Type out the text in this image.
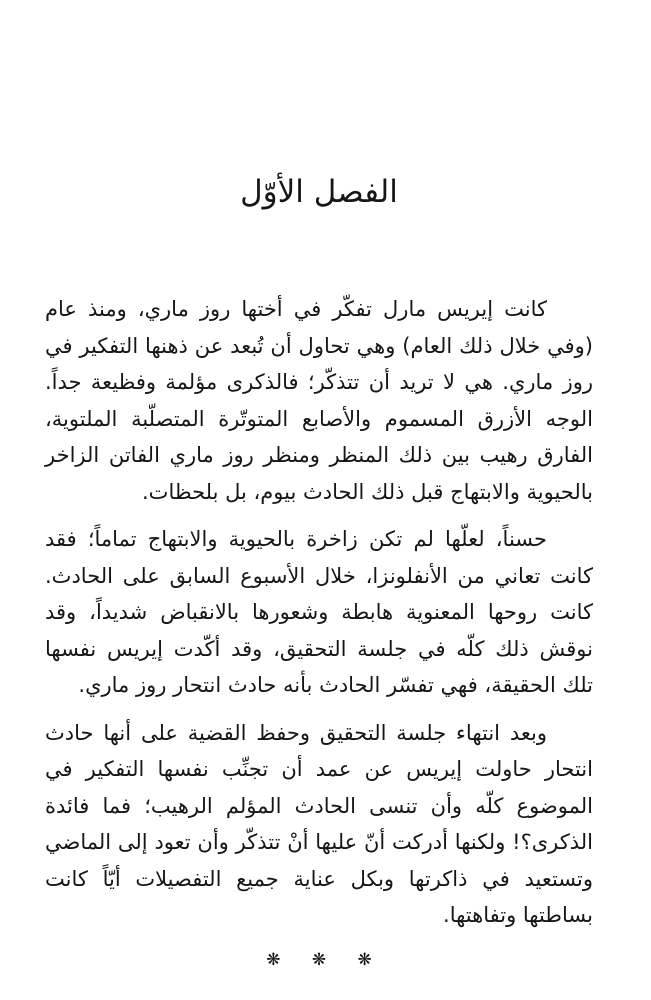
الفصل الأوّل

كانت إيريس مارل تفكّر في أختها روز ماري، ومنذ عام (وفي خلال ذلك العام) وهي تحاول أن تُبعد عن ذهنها التفكير في روز ماري. هي لا تريد أن تتذكّر؛ فالذكرى مؤلمة وفظيعة جداً. الوجه الأزرق المسموم والأصابع المتوتّرة المتصلّبة الملتوية، الفارق رهيب بين ذلك المنظر ومنظر روز ماري الفاتن الزاخر بالحيوية والابتهاج قبل ذلك الحادث بيوم، بل بلحظات.

حسناً، لعلّها لم تكن زاخرة بالحيوية والابتهاج تماماً؛ فقد كانت تعاني من الأنفلونزا، خلال الأسبوع السابق على الحادث. كانت روحها المعنوية هابطة وشعورها بالانقباض شديداً، وقد نوقش ذلك كلّه في جلسة التحقيق، وقد أكّدت إيريس نفسها تلك الحقيقة، فهي تفسّر الحادث بأنه حادث انتحار روز ماري.

وبعد انتهاء جلسة التحقيق وحفظ القضية على أنها حادث انتحار حاولت إيريس عن عمد أن تجنِّب نفسها التفكير في الموضوع كلّه وأن تنسى الحادث المؤلم الرهيب؛ فما فائدة الذكرى؟! ولكنها أدركت أنّ عليها أنْ تتذكّر وأن تعود إلى الماضي وتستعيد في ذاكرتها وبكل عناية جميع التفصيلات أيّاً كانت بساطتها وتفاهتها.

❋ ❋ ❋
